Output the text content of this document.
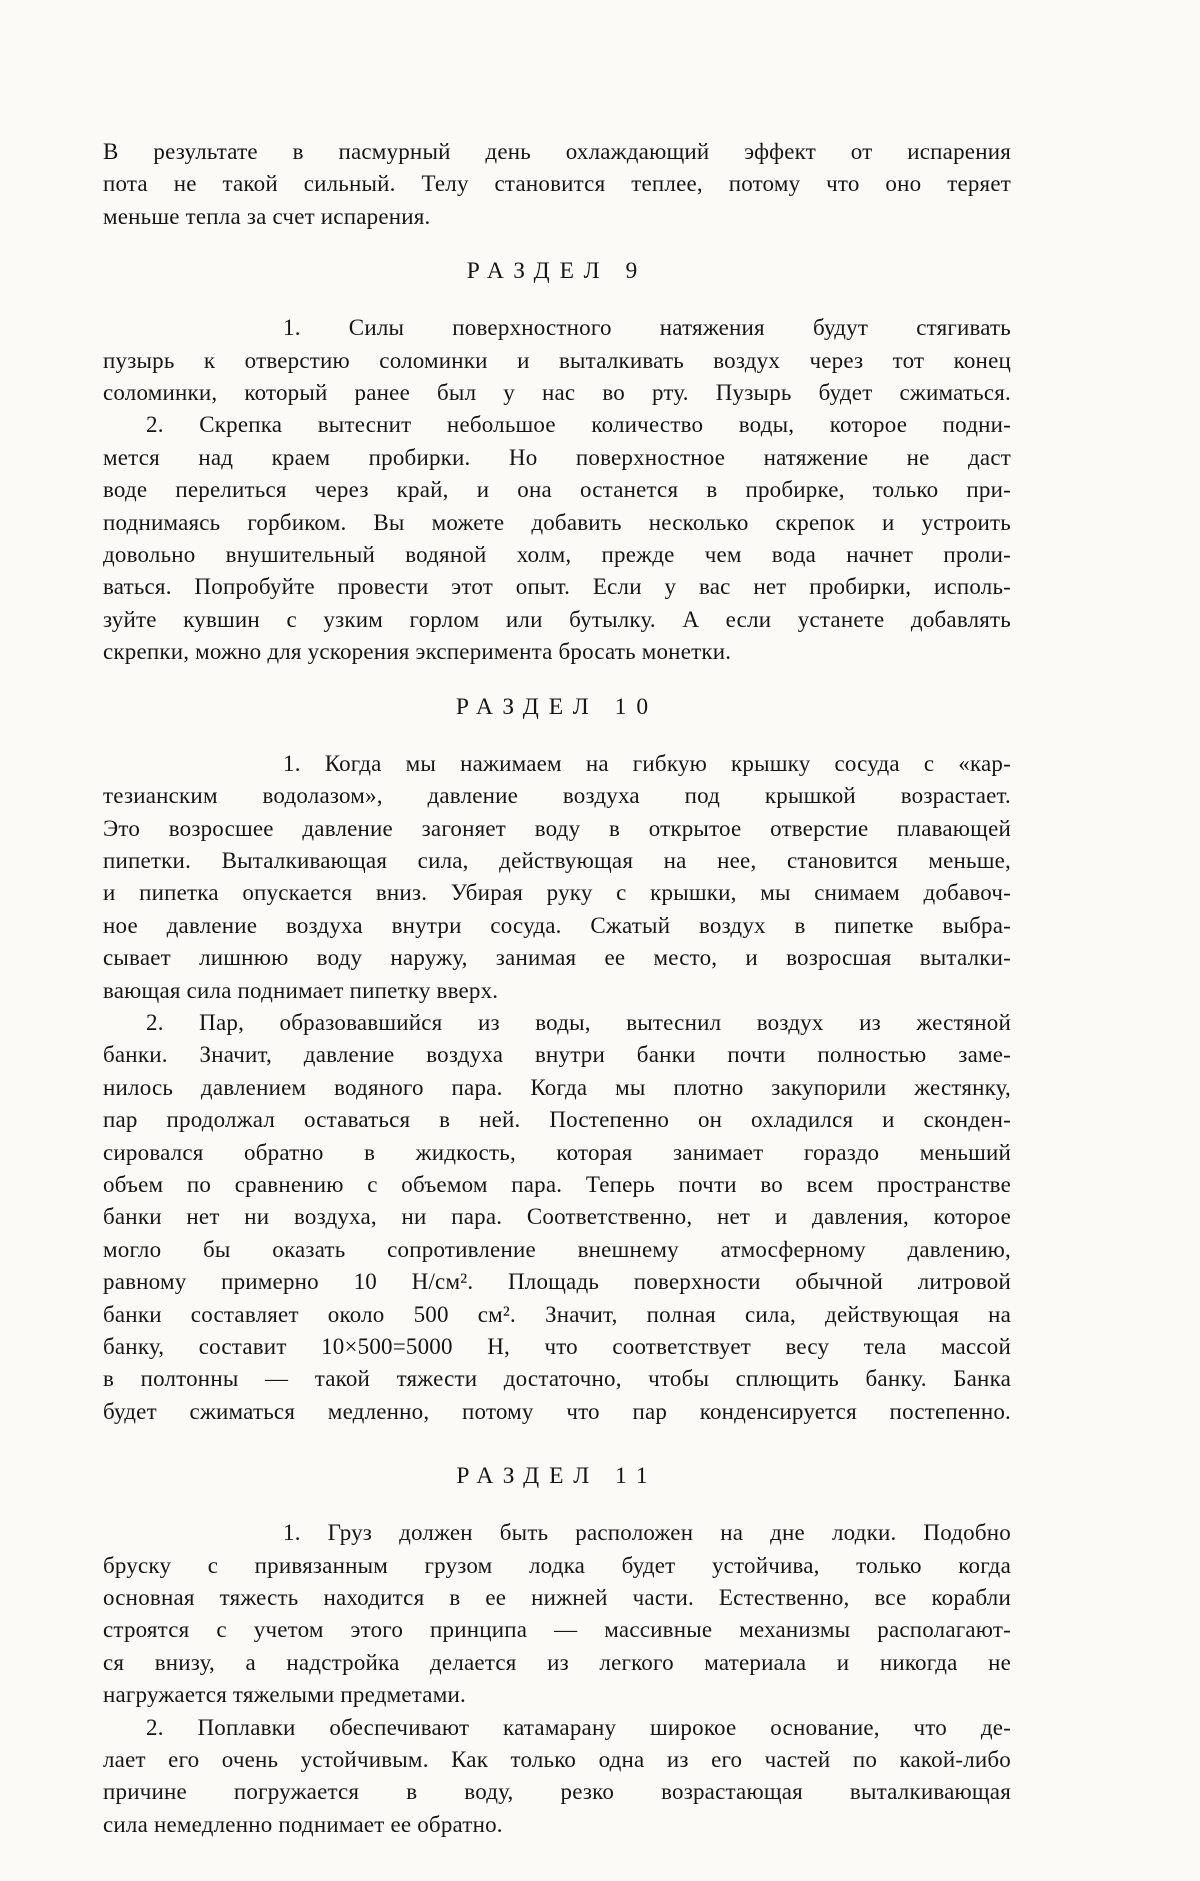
В результате в пасмурный день охлаждающий эффект от испарения
пота не такой сильный. Телу становится теплее, потому что оно теряет
меньше тепла за счет испарения.
РАЗДЕЛ 9
1. Силы поверхностного натяжения будут стягивать
пузырь к отверстию соломинки и выталкивать воздух через тот конец
соломинки, который ранее был у нас во рту. Пузырь будет сжиматься.
2. Скрепка вытеснит небольшое количество воды, которое подни-
мется над краем пробирки. Но поверхностное натяжение не даст
воде перелиться через край, и она останется в пробирке, только при-
поднимаясь горбиком. Вы можете добавить несколько скрепок и устроить
довольно внушительный водяной холм, прежде чем вода начнет проли-
ваться. Попробуйте провести этот опыт. Если у вас нет пробирки, исполь-
зуйте кувшин с узким горлом или бутылку. А если устанете добавлять
скрепки, можно для ускорения эксперимента бросать монетки.
РАЗДЕЛ 10
1. Когда мы нажимаем на гибкую крышку сосуда с «кар-
тезианским водолазом», давление воздуха под крышкой возрастает.
Это возросшее давление загоняет воду в открытое отверстие плавающей
пипетки. Выталкивающая сила, действующая на нее, становится меньше,
и пипетка опускается вниз. Убирая руку с крышки, мы снимаем добавоч-
ное давление воздуха внутри сосуда. Сжатый воздух в пипетке выбра-
сывает лишнюю воду наружу, занимая ее место, и возросшая выталки-
вающая сила поднимает пипетку вверх.
2. Пар, образовавшийся из воды, вытеснил воздух из жестяной
банки. Значит, давление воздуха внутри банки почти полностью заме-
нилось давлением водяного пара. Когда мы плотно закупорили жестянку,
пар продолжал оставаться в ней. Постепенно он охладился и сконден-
сировался обратно в жидкость, которая занимает гораздо меньший
объем по сравнению с объемом пара. Теперь почти во всем пространстве
банки нет ни воздуха, ни пара. Соответственно, нет и давления, которое
могло бы оказать сопротивление внешнему атмосферному давлению,
равному примерно 10 Н/см². Площадь поверхности обычной литровой
банки составляет около 500 см². Значит, полная сила, действующая на
банку, составит 10×500=5000 Н, что соответствует весу тела массой
в полтонны — такой тяжести достаточно, чтобы сплющить банку. Банка
будет сжиматься медленно, потому что пар конденсируется постепенно.
РАЗДЕЛ 11
1. Груз должен быть расположен на дне лодки. Подобно
бруску с привязанным грузом лодка будет устойчива, только когда
основная тяжесть находится в ее нижней части. Естественно, все корабли
строятся с учетом этого принципа — массивные механизмы располагают-
ся внизу, а надстройка делается из легкого материала и никогда не
нагружается тяжелыми предметами.
2. Поплавки обеспечивают катамарану широкое основание, что де-
лает его очень устойчивым. Как только одна из его частей по какой-либо
причине погружается в воду, резко возрастающая выталкивающая
сила немедленно поднимает ее обратно.
